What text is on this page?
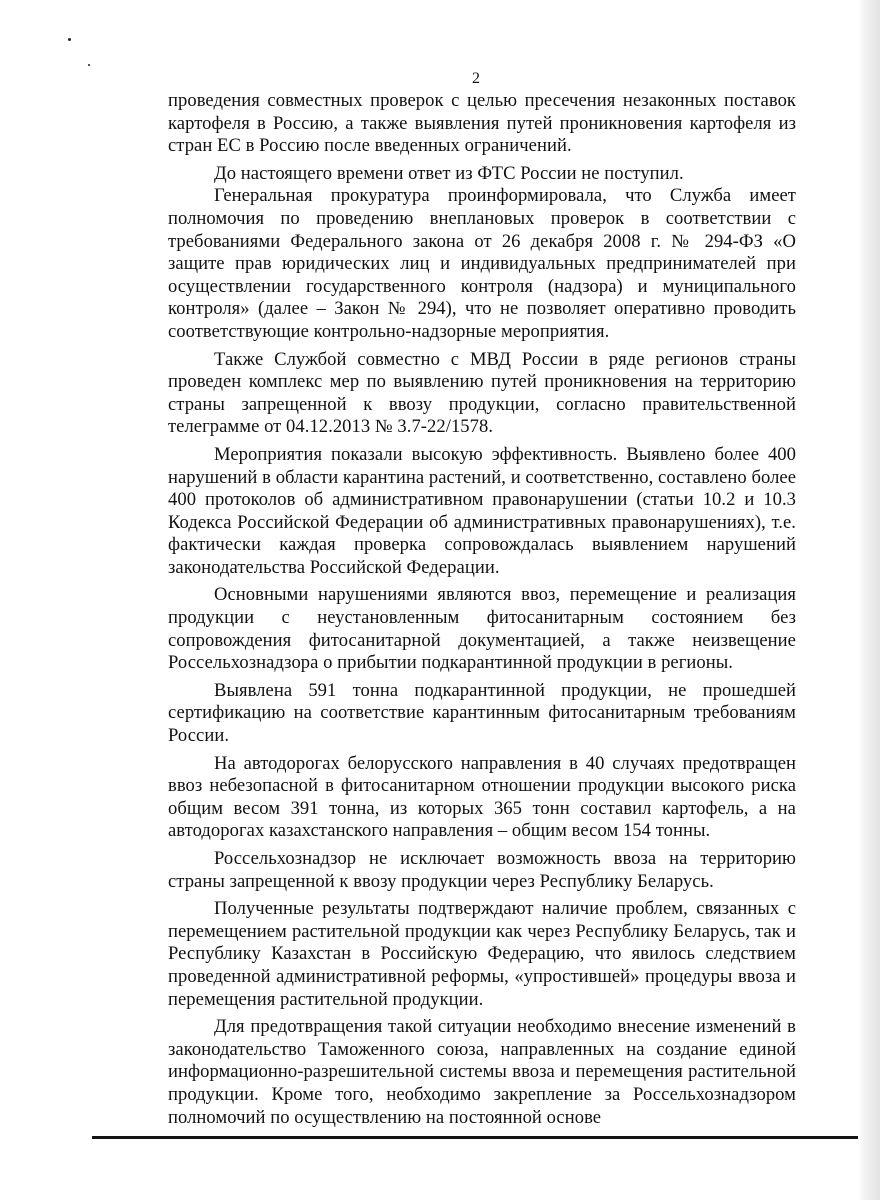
2

проведения совместных проверок с целью пресечения незаконных поставок картофеля в Россию, а также выявления путей проникновения картофеля из стран ЕС в Россию после введенных ограничений.

До настоящего времени ответ из ФТС России не поступил.

Генеральная прокуратура проинформировала, что Служба имеет полномочия по проведению внеплановых проверок в соответствии с требованиями Федерального закона от 26 декабря 2008 г. № 294-ФЗ «О защите прав юридических лиц и индивидуальных предпринимателей при осуществлении государственного контроля (надзора) и муниципального контроля» (далее – Закон № 294), что не позволяет оперативно проводить соответствующие контрольно-надзорные мероприятия.

Также Службой совместно с МВД России в ряде регионов страны проведен комплекс мер по выявлению путей проникновения на территорию страны запрещенной к ввозу продукции, согласно правительственной телеграмме от 04.12.2013 № 3.7-22/1578.

Мероприятия показали высокую эффективность. Выявлено более 400 нарушений в области карантина растений, и соответственно, составлено более 400 протоколов об административном правонарушении (статьи 10.2 и 10.3 Кодекса Российской Федерации об административных правонарушениях), т.е. фактически каждая проверка сопровождалась выявлением нарушений законодательства Российской Федерации.

Основными нарушениями являются ввоз, перемещение и реализация продукции с неустановленным фитосанитарным состоянием без сопровождения фитосанитарной документацией, а также неизвещение Россельхознадзора о прибытии подкарантинной продукции в регионы.

Выявлена 591 тонна подкарантинной продукции, не прошедшей сертификацию на соответствие карантинным фитосанитарным требованиям России.

На автодорогах белорусского направления в 40 случаях предотвращен ввоз небезопасной в фитосанитарном отношении продукции высокого риска общим весом 391 тонна, из которых 365 тонн составил картофель, а на автодорогах казахстанского направления – общим весом 154 тонны.

Россельхознадзор не исключает возможность ввоза на территорию страны запрещенной к ввозу продукции через Республику Беларусь.

Полученные результаты подтверждают наличие проблем, связанных с перемещением растительной продукции как через Республику Беларусь, так и Республику Казахстан в Российскую Федерацию, что явилось следствием проведенной административной реформы, «упростившей» процедуры ввоза и перемещения растительной продукции.

Для предотвращения такой ситуации необходимо внесение изменений в законодательство Таможенного союза, направленных на создание единой информационно-разрешительной системы ввоза и перемещения растительной продукции. Кроме того, необходимо закрепление за Россельхознадзором полномочий по осуществлению на постоянной основе
